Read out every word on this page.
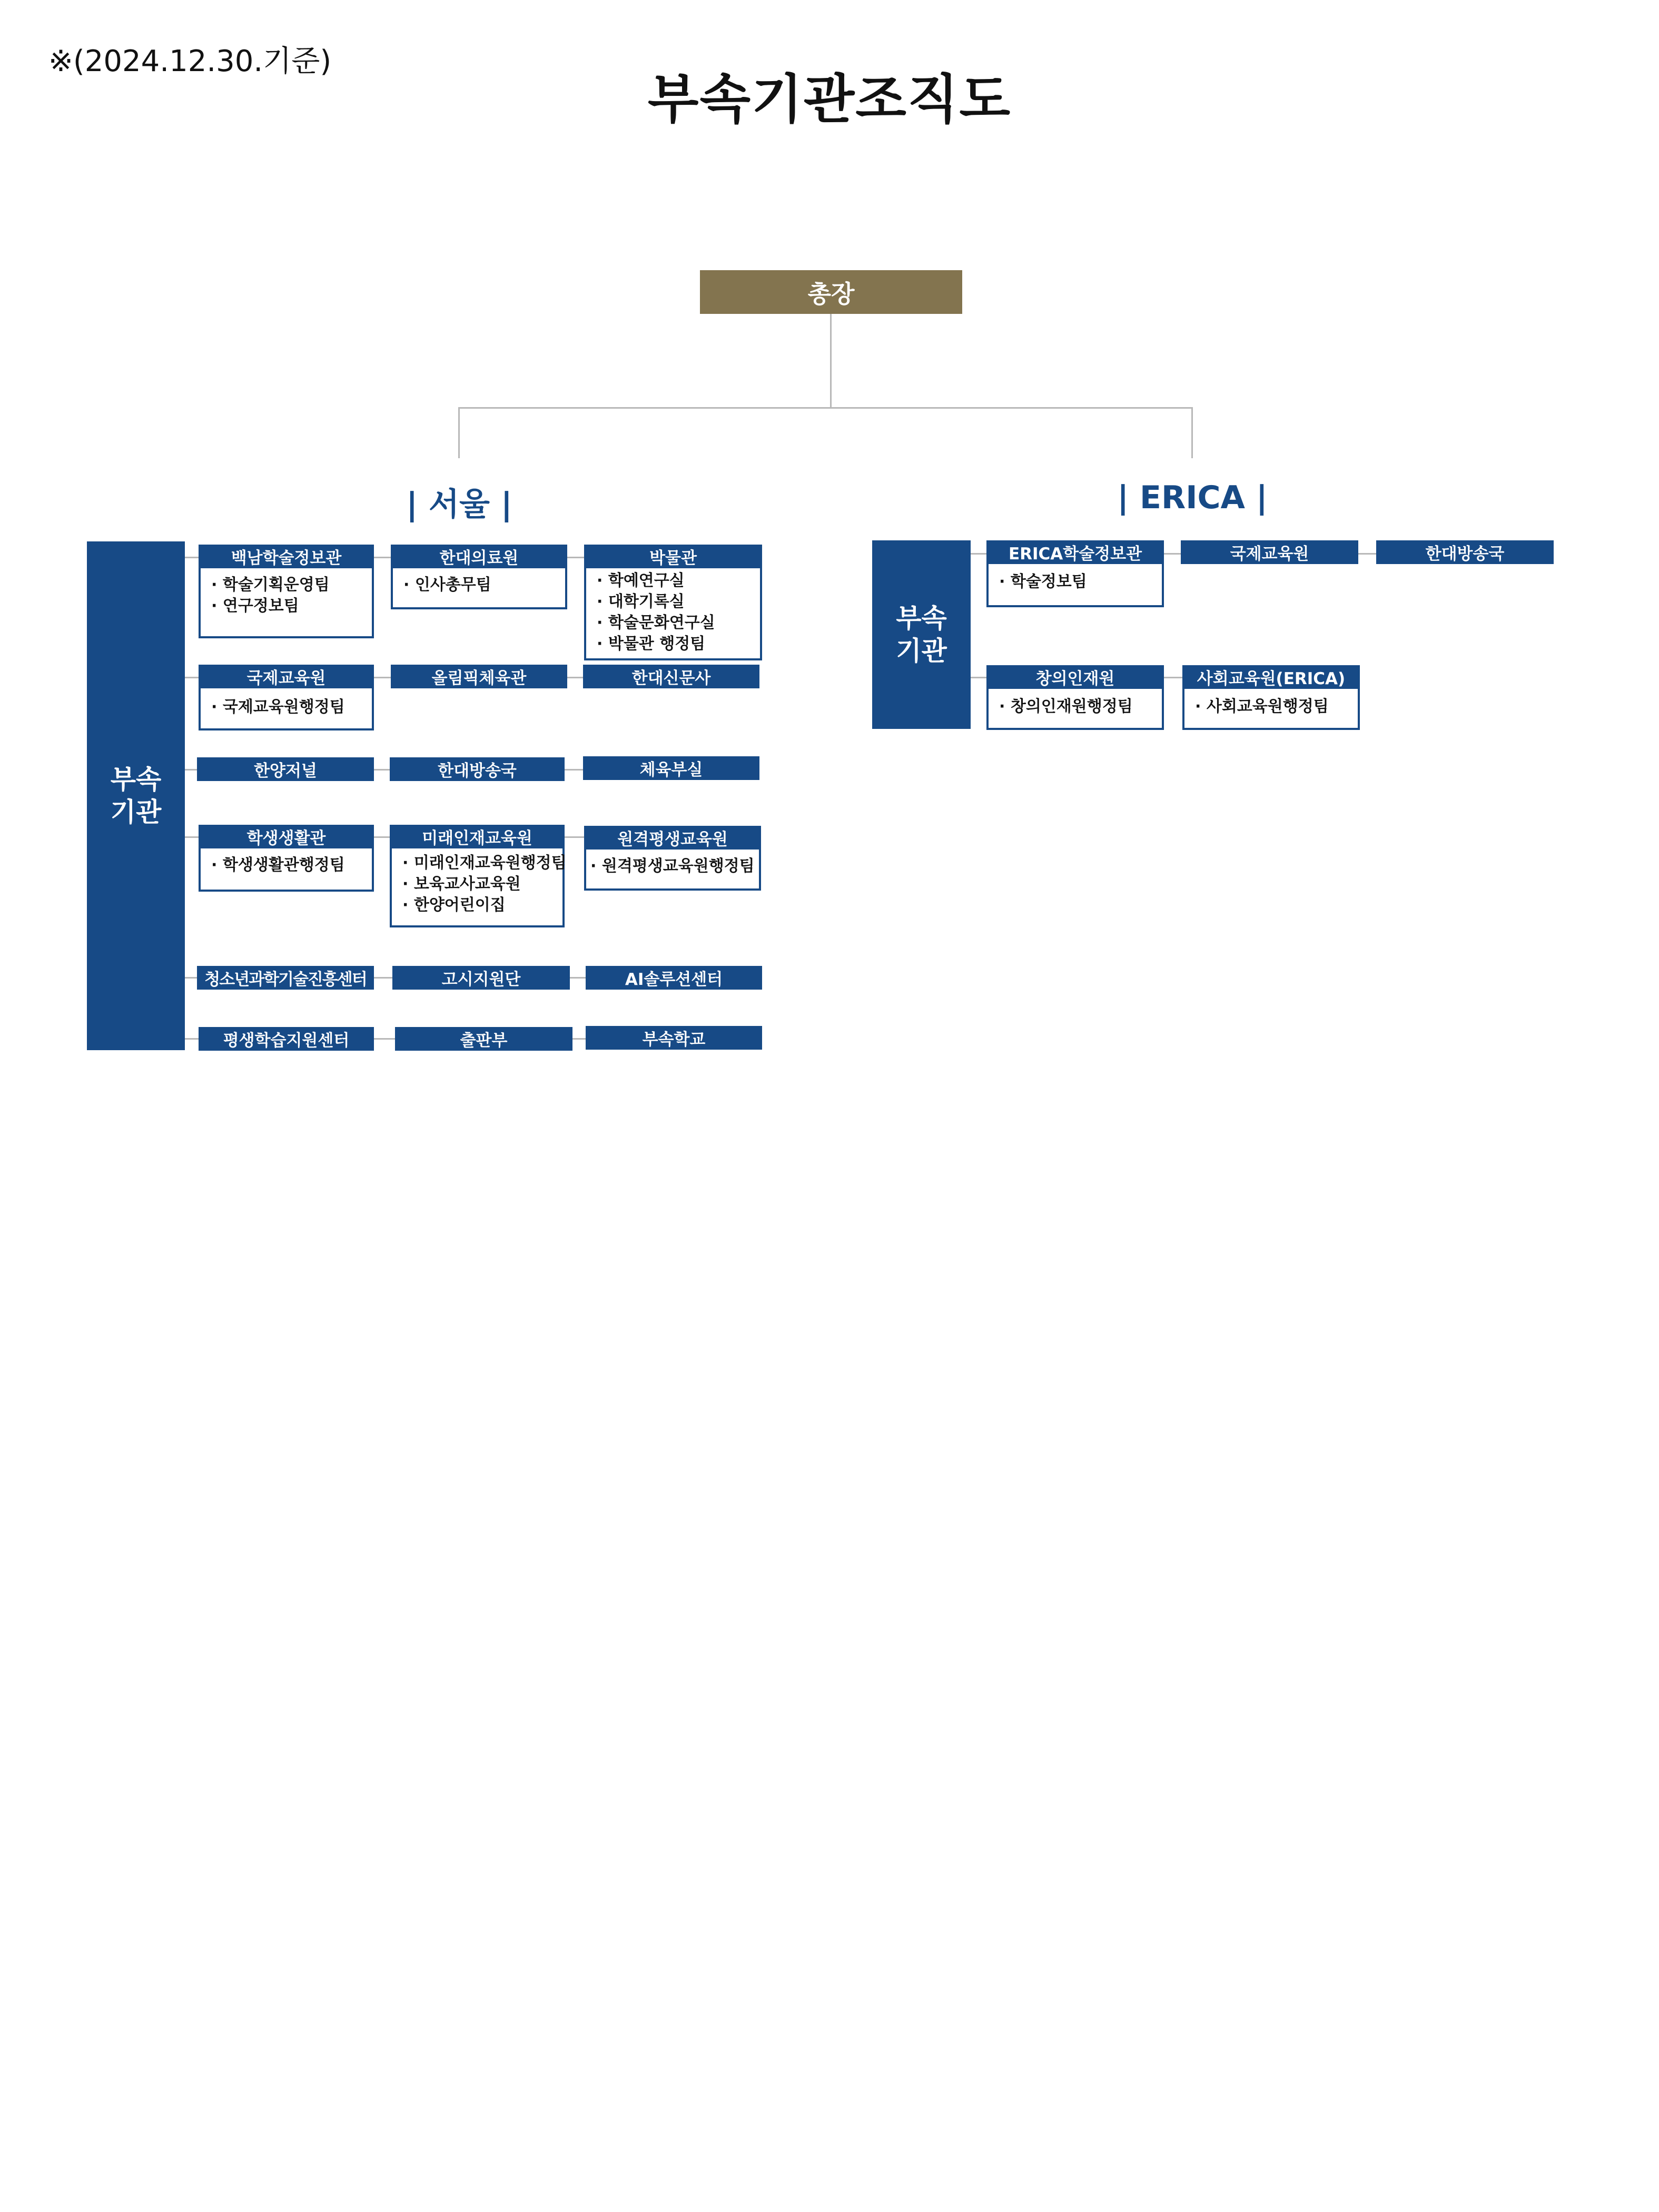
※(2024.12.30.기준)
부속기관조직도
총장
| 서울 |	| ERICA |
부속
기관
부속
기관
백남학술정보관
· 학술기획운영팀
· 연구정보팀
한대의료원
· 인사총무팀
박물관
· 학예연구실
· 대학기록실
· 학술문화연구실
· 박물관 행정팀
국제교육원
· 국제교육원행정팀
올림픽체육관	한대신문사
한양저널	한대방송국	체육부실
학생생활관
· 학생생활관행정팀
미래인재교육원
· 미래인재교육원행정팀
· 보육교사교육원
· 한양어린이집
원격평생교육원
· 원격평생교육원행정팀
청소년과학기술진흥센터	고시지원단	AI솔루션센터
평생학습지원센터	출판부	부속학교
ERICA학술정보관
· 학술정보팀
국제교육원	한대방송국
창의인재원
· 창의인재원행정팀
사회교육원(ERICA)
· 사회교육원행정팀
